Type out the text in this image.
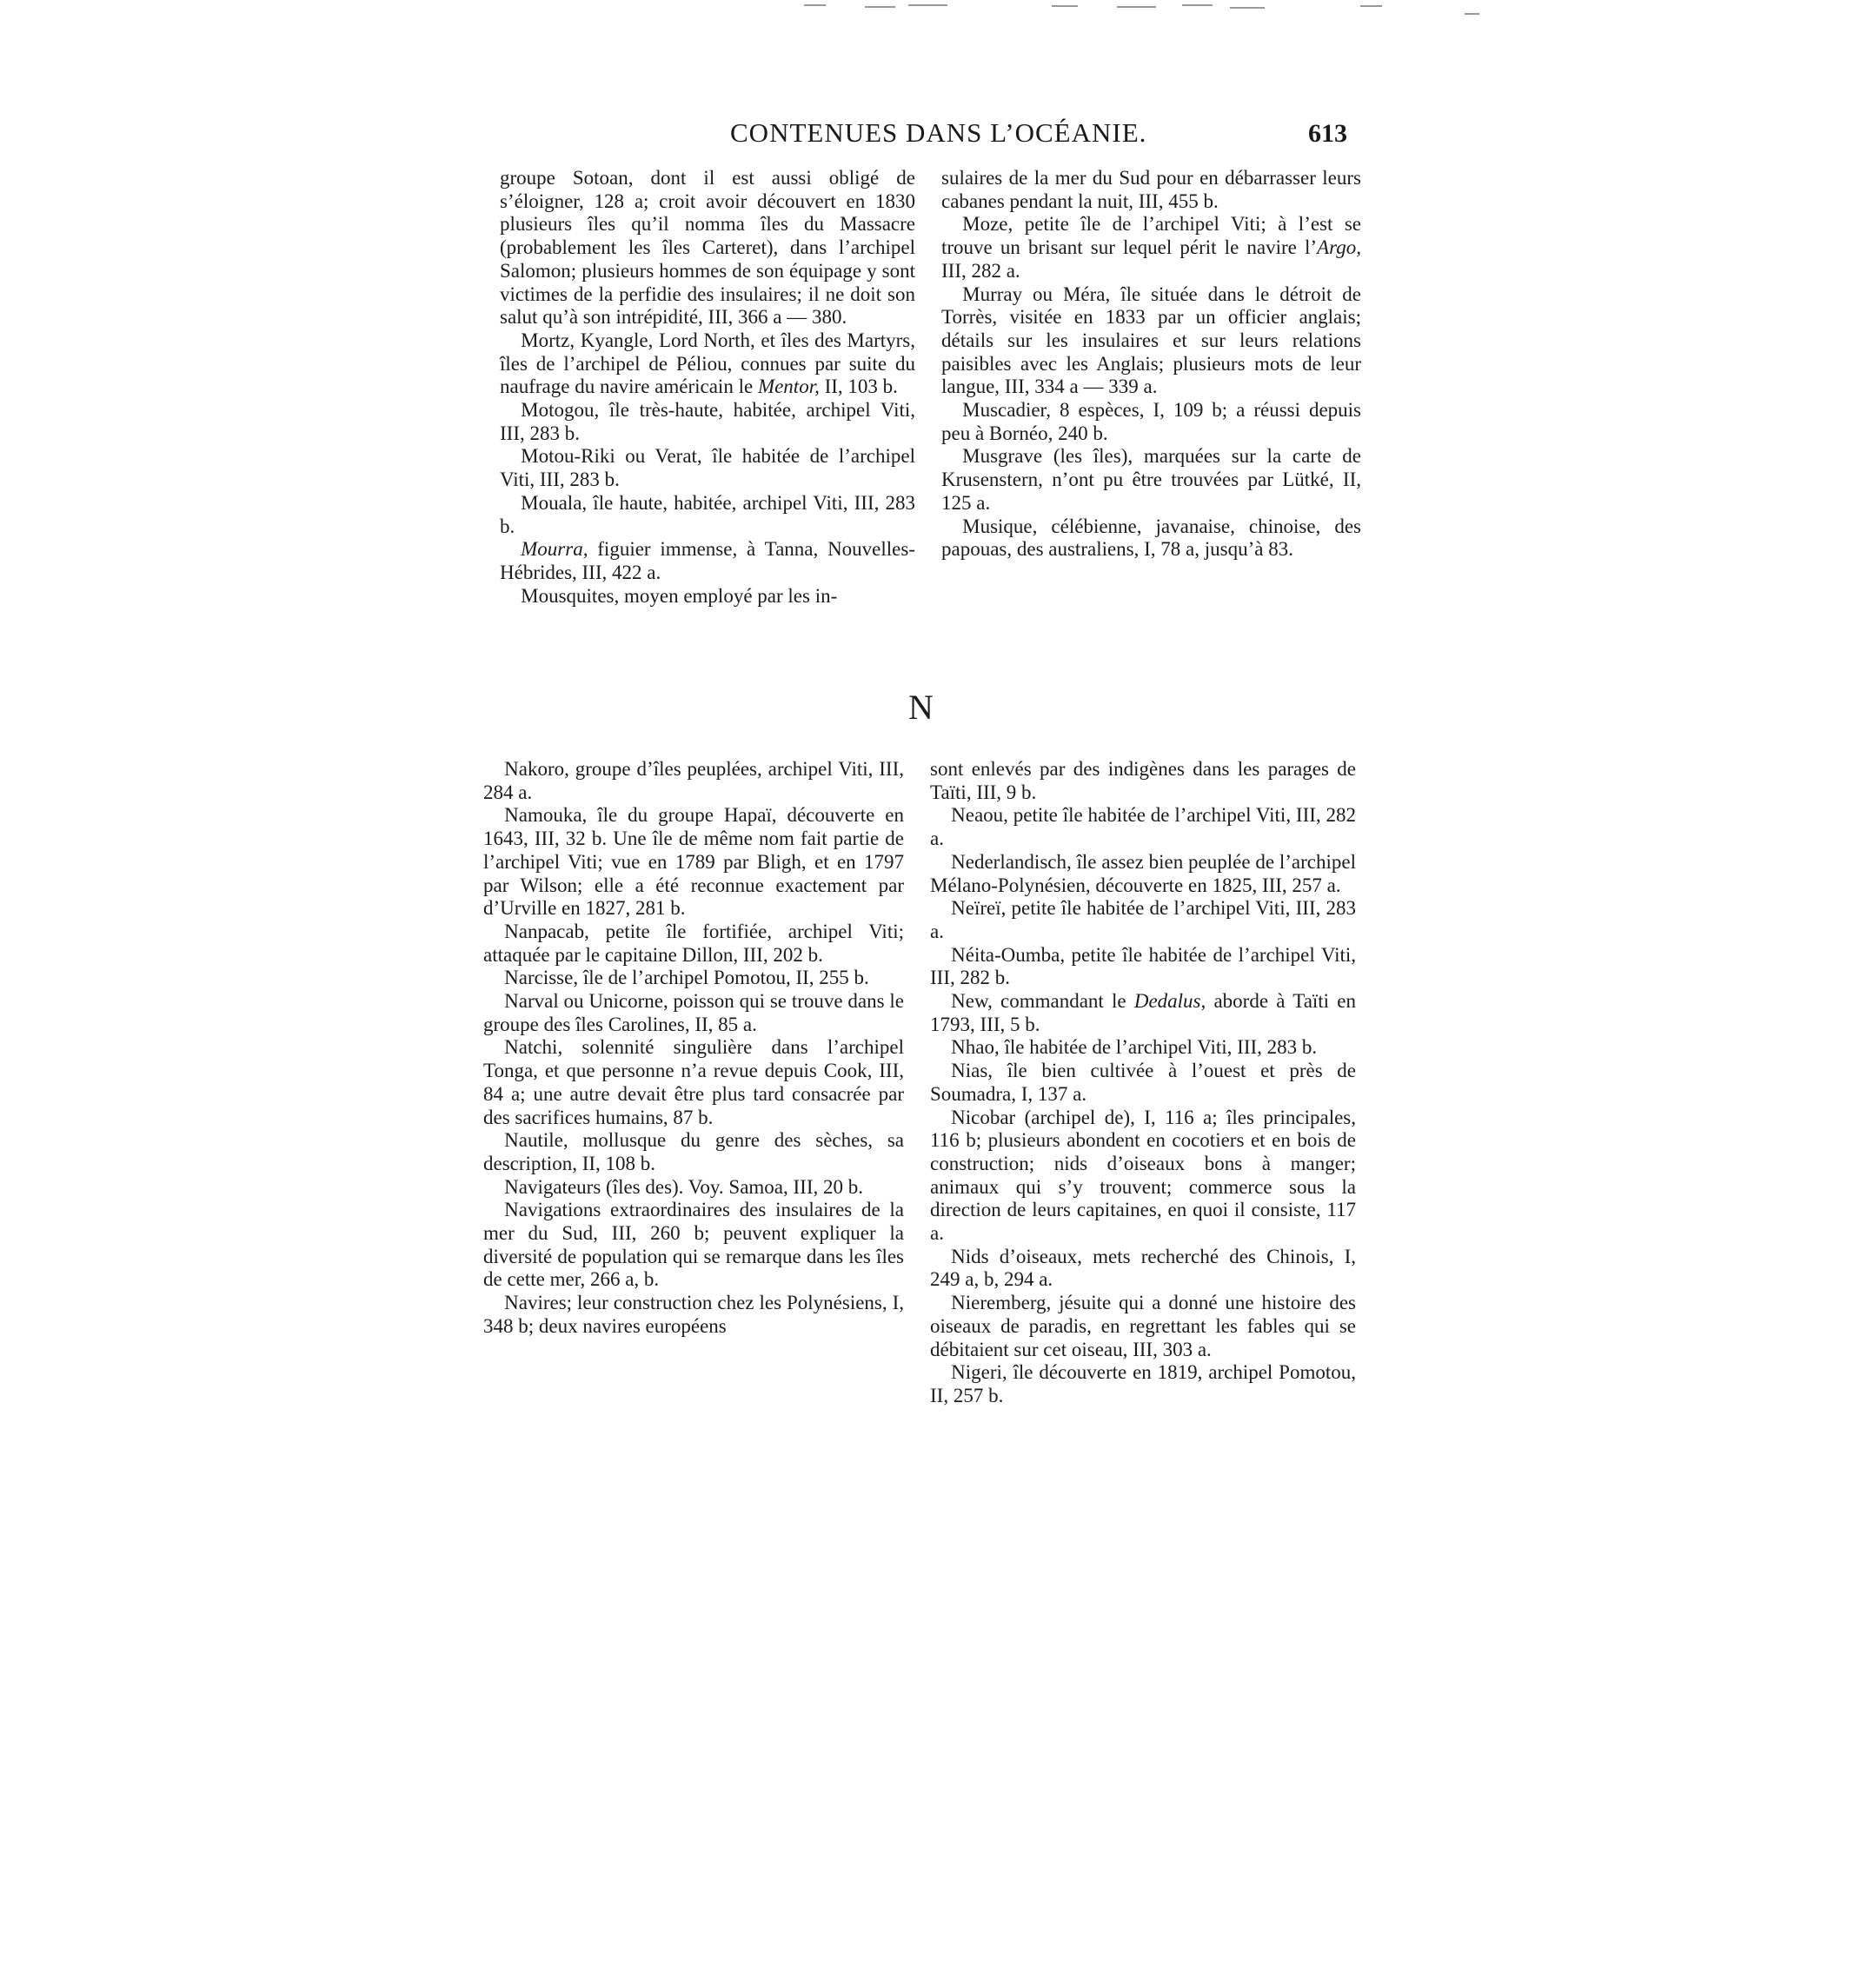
CONTENUES DANS L’OCÉANIE.	613

groupe Sotoan, dont il est aussi obligé de s’éloigner, 128 a; croit avoir découvert en 1830 plusieurs îles qu’il nomma îles du Massacre (probablement les îles Carteret), dans l’archipel Salomon; plusieurs hommes de son équipage y sont victimes de la perfidie des insulaires; il ne doit son salut qu’à son intrépidité, III, 366 a — 380.

Mortz, Kyangle, Lord North, et îles des Martyrs, îles de l’archipel de Péliou, connues par suite du naufrage du navire américain le Mentor, II, 103 b.

Motogou, île très-haute, habitée, archipel Viti, III, 283 b.

Motou-Riki ou Verat, île habitée de l’archipel Viti, III, 283 b.

Mouala, île haute, habitée, archipel Viti, III, 283 b.

Mourra, figuier immense, à Tanna, Nouvelles-Hébrides, III, 422 a.

Mousquites, moyen employé par les in-

sulaires de la mer du Sud pour en débarrasser leurs cabanes pendant la nuit, III, 455 b.

Moze, petite île de l’archipel Viti; à l’est se trouve un brisant sur lequel périt le navire l’Argo, III, 282 a.

Murray ou Méra, île située dans le détroit de Torrès, visitée en 1833 par un officier anglais; détails sur les insulaires et sur leurs relations paisibles avec les Anglais; plusieurs mots de leur langue, III, 334 a — 339 a.

Muscadier, 8 espèces, I, 109 b; a réussi depuis peu à Bornéo, 240 b.

Musgrave (les îles), marquées sur la carte de Krusenstern, n’ont pu être trouvées par Lütké, II, 125 a.

Musique, célébienne, javanaise, chinoise, des papouas, des australiens, I, 78 a, jusqu’à 83.

N

Nakoro, groupe d’îles peuplées, archipel Viti, III, 284 a.

Namouka, île du groupe Hapaï, découverte en 1643, III, 32 b. Une île de même nom fait partie de l’archipel Viti; vue en 1789 par Bligh, et en 1797 par Wilson; elle a été reconnue exactement par d’Urville en 1827, 281 b.

Nanpacab, petite île fortifiée, archipel Viti; attaquée par le capitaine Dillon, III, 202 b.

Narcisse, île de l’archipel Pomotou, II, 255 b.

Narval ou Unicorne, poisson qui se trouve dans le groupe des îles Carolines, II, 85 a.

Natchi, solennité singulière dans l’archipel Tonga, et que personne n’a revue depuis Cook, III, 84 a; une autre devait être plus tard consacrée par des sacrifices humains, 87 b.

Nautile, mollusque du genre des sèches, sa description, II, 108 b.

Navigateurs (îles des). Voy. Samoa, III, 20 b.

Navigations extraordinaires des insulaires de la mer du Sud, III, 260 b; peuvent expliquer la diversité de population qui se remarque dans les îles de cette mer, 266 a, b.

Navires; leur construction chez les Polynésiens, I, 348 b; deux navires européens

sont enlevés par des indigènes dans les parages de Taïti, III, 9 b.

Neaou, petite île habitée de l’archipel Viti, III, 282 a.

Nederlandisch, île assez bien peuplée de l’archipel Mélano-Polynésien, découverte en 1825, III, 257 a.

Neïreï, petite île habitée de l’archipel Viti, III, 283 a.

Néita-Oumba, petite île habitée de l’archipel Viti, III, 282 b.

New, commandant le Dedalus, aborde à Taïti en 1793, III, 5 b.

Nhao, île habitée de l’archipel Viti, III, 283 b.

Nias, île bien cultivée à l’ouest et près de Soumadra, I, 137 a.

Nicobar (archipel de), I, 116 a; îles principales, 116 b; plusieurs abondent en cocotiers et en bois de construction; nids d’oiseaux bons à manger; animaux qui s’y trouvent; commerce sous la direction de leurs capitaines, en quoi il consiste, 117 a.

Nids d’oiseaux, mets recherché des Chinois, I, 249 a, b, 294 a.

Nieremberg, jésuite qui a donné une histoire des oiseaux de paradis, en regrettant les fables qui se débitaient sur cet oiseau, III, 303 a.

Nigeri, île découverte en 1819, archipel Pomotou, II, 257 b.
